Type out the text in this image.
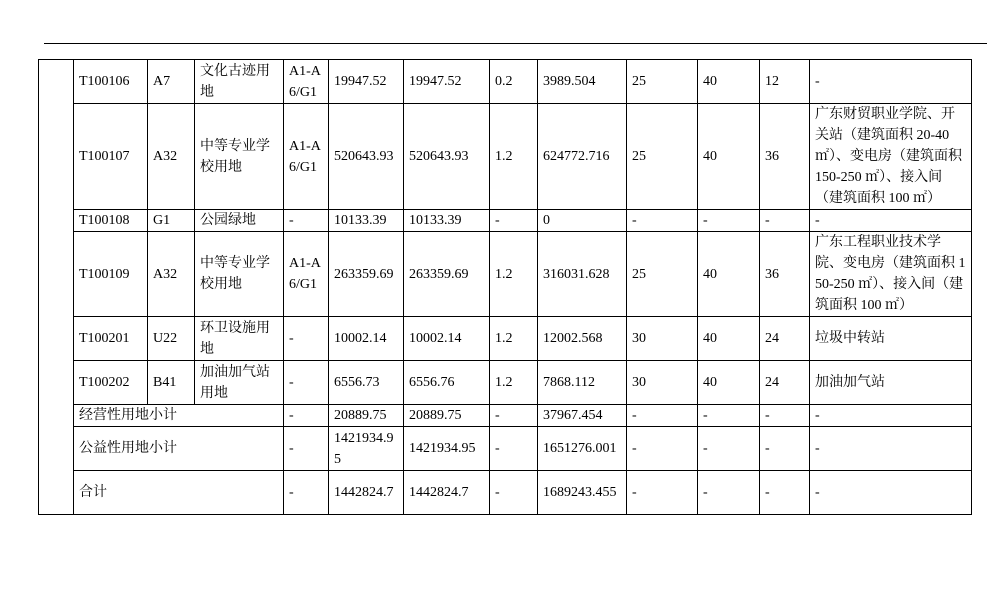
	T100106	A7	文化古迹用地	A1-A6/G1	19947.52	19947.52	0.2	3989.504	25	40	12	-
	T100107	A32	中等专业学校用地	A1-A6/G1	520643.93	520643.93	1.2	624772.716	25	40	36	广东财贸职业学院、开关站（建筑面积 20-40 ㎡）、变电房（建筑面积 150-250 ㎡）、接入间（建筑面积 100 ㎡）
	T100108	G1	公园绿地	-	10133.39	10133.39	-	0	-	-	-	-
	T100109	A32	中等专业学校用地	A1-A6/G1	263359.69	263359.69	1.2	316031.628	25	40	36	广东工程职业技术学院、变电房（建筑面积 150-250 ㎡）、接入间（建筑面积 100 ㎡）
	T100201	U22	环卫设施用地	-	10002.14	10002.14	1.2	12002.568	30	40	24	垃圾中转站
	T100202	B41	加油加气站用地	-	6556.73	6556.76	1.2	7868.112	30	40	24	加油加气站
	经营性用地小计			-	20889.75	20889.75	-	37967.454	-	-	-	-
	公益性用地小计			-	1421934.95	1421934.95	-	1651276.001	-	-	-	-
	合计			-	1442824.7	1442824.7	-	1689243.455	-	-	-	-
